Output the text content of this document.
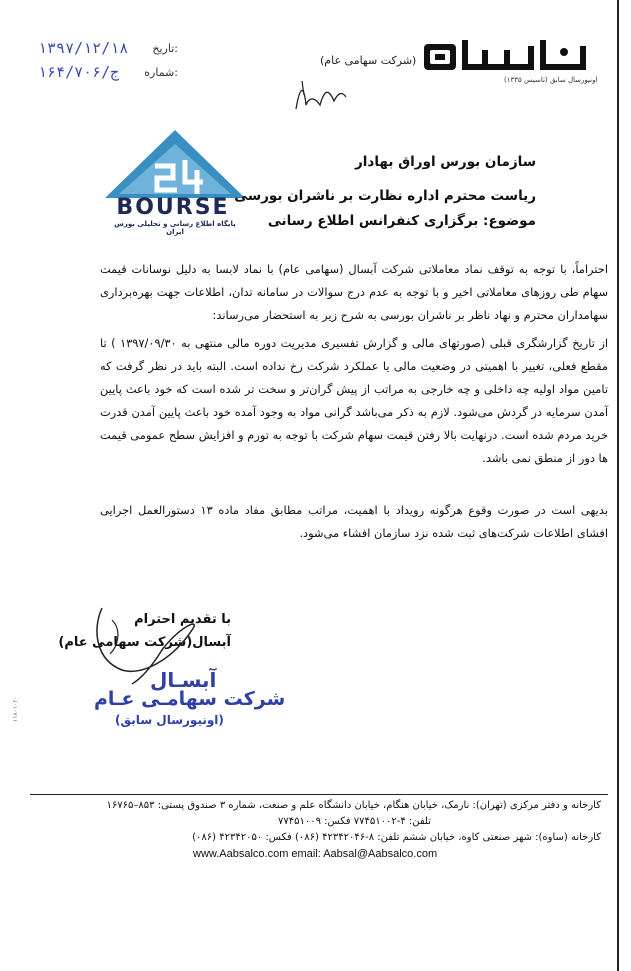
تاریخ:
۱۳۹۷/۱۲/۱۸
شماره:
ج/۱۶۴/۷۰۶
(شرکت سهامی عام)
اونیورسال سابق (تاسیس ۱۳۳۵)
BOURSE
پایگاه اطلاع رسانی و تحلیلی بورس ایران
سازمان بورس اوراق بهادار
ریاست محترم اداره نظارت بر ناشران بورسی
موضوع: برگزاری کنفرانس اطلاع رسانی
احتراماً، با توجه به توقف نماد معاملاتی شرکت آبسال (سهامی عام) با نماد لابسا به دلیل نوسانات قیمت سهام طی روزهای معاملاتی اخیر و با توجه به عدم درج سوالات در سامانه تدان، اطلاعات جهت بهره‌برداری سهامداران محترم و نهاد ناظر بر ناشران بورسی به شرح زیر به استحضار می‌رساند:
از تاریخ گزارشگری قبلی (صورتهای مالی و گزارش تفسیری مدیریت دوره مالی منتهی به ۱۳۹۷/۰۹/۳۰ ) تا مقطع فعلی، تغییر با اهمیتی در وضعیت مالی یا عملکرد شرکت رخ نداده است. البته باید در نظر گرفت که تامین مواد اولیه چه داخلی و چه خارجی به مراتب از پیش گران‌تر و سخت تر شده است که خود باعث پایین آمدن سرمایه در گردش می‌شود. لازم به ذکر می‌باشد گرانی مواد به وجود آمده خود باعث پایین آمدن قدرت خرید مردم شده است. درنهایت بالا رفتن قیمت سهام شرکت با توجه به تورم و افزایش سطح عمومی قیمت ها دور از منطق نمی باشد.
بدیهی است در صورت وقوع هرگونه رویداد با اهمیت، مراتب مطابق مفاد ماده ۱۳ دستورالعمل اجرایی افشای اطلاعات شرکت‌های ثبت شده نزد سازمان افشاء می‌شود.
با تقدیم احترام
آبسال(شرکت سهامی عام)
آبسـال
شرکت سهامـی عـام
(اونیورسال سابق)
۱۱۸۰۱۰۲۰
کارخانه و دفتر مرکزی (تهران): نارمک، خیابان هنگام، خیابان دانشگاه علم و صنعت، شماره ۳ صندوق پستی: ۸۵۳–۱۶۷۶۵
تلفن: ۴-۷۷۴۵۱۰۰۲ فکس: ۷۷۴۵۱۰۰۹
کارخانه (ساوه): شهر صنعتی کاوه، خیابان ششم تلفن: ۸-۴۲۳۴۲۰۴۶ (۰۸۶) فکس: ۴۲۳۴۲۰۵۰ (۰۸۶)
www.Aabsalco.com email: Aabsal@Aabsalco.com
